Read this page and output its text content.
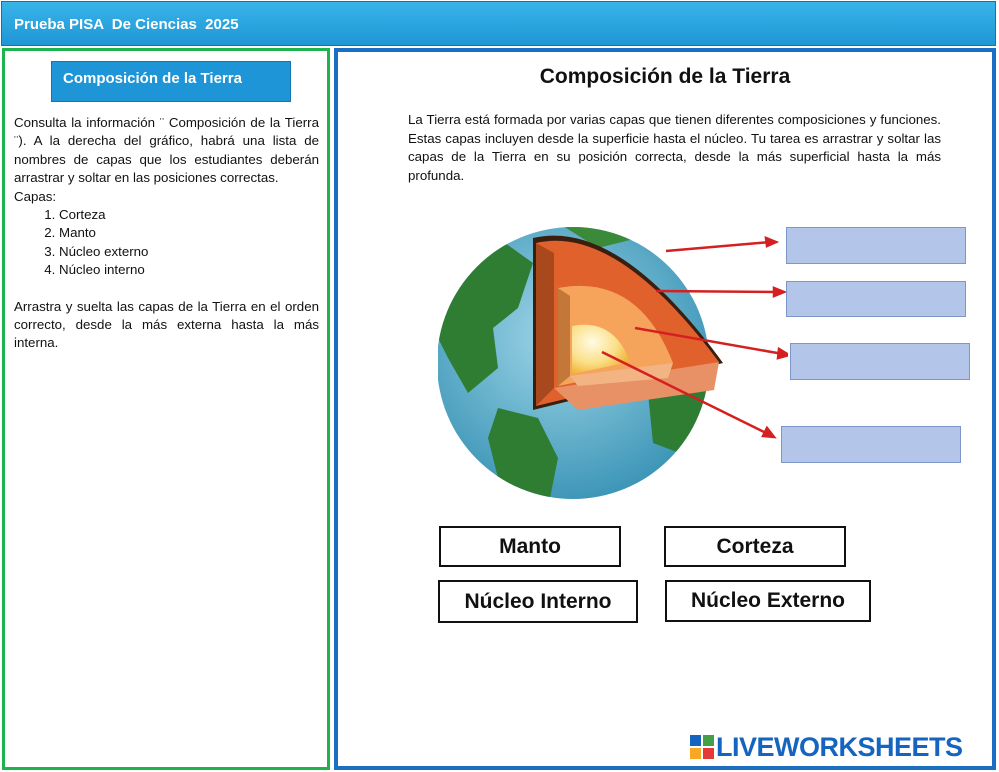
Prueba PISA  De Ciencias  2025
Composición de la Tierra

Consulta la información ¨ Composición de la Tierra ¨). A la derecha del gráfico, habrá una lista de nombres de capas que los estudiantes deberán arrastrar y soltar en las posiciones correctas.

Capas:

1. Corteza
2. Manto
3. Núcleo externo
4. Núcleo interno

Arrastra y suelta las capas de la Tierra en el orden correcto, desde la más externa hasta la más interna.

Composición de la Tierra

La Tierra está formada por varias capas que tienen diferentes composiciones y funciones. Estas capas incluyen desde la superficie hasta el núcleo. Tu tarea es arrastrar y soltar las capas de la Tierra en su posición correcta, desde la más superficial hasta la más profunda.

Manto	Corteza
Núcleo Interno	Núcleo Externo
LIVEWORKSHEETS
